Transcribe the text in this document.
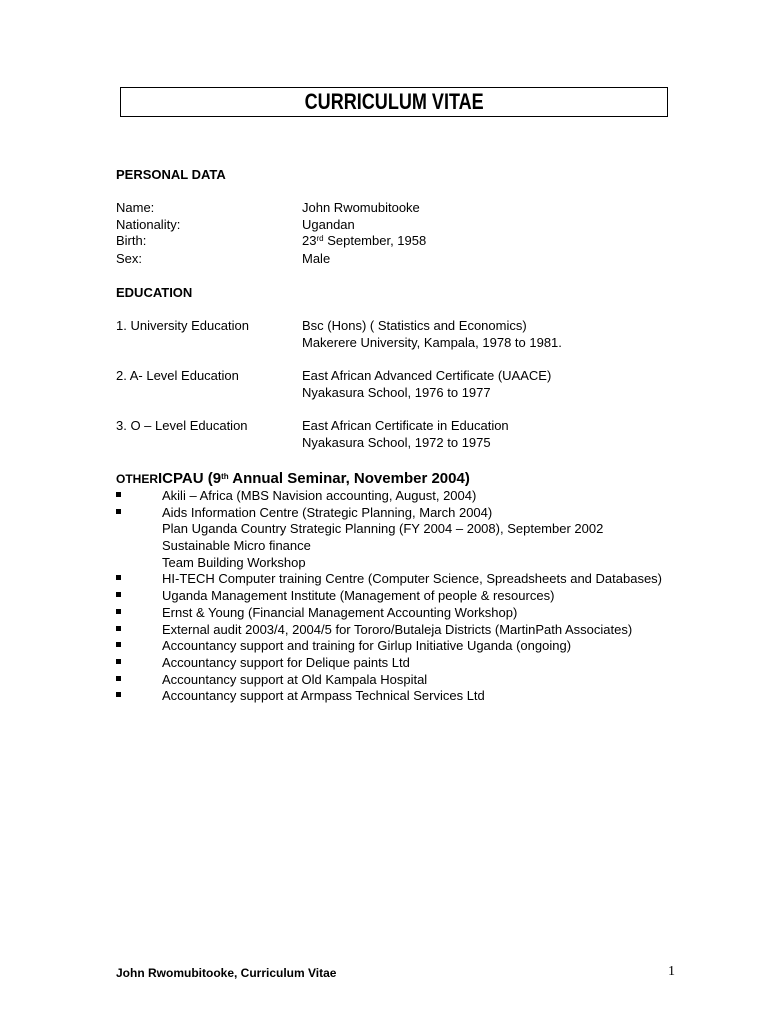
CURRICULUM VITAE
PERSONAL DATA
Name:	John Rwomubitooke
Nationality:	Ugandan
Birth:	23rd September, 1958
Sex:	Male
EDUCATION
1. University Education	Bsc (Hons) ( Statistics and Economics)
Makerere University, Kampala, 1978 to 1981.
2. A- Level Education	East African Advanced Certificate (UAACE)
Nyakasura School, 1976 to 1977
3. O – Level Education	East African Certificate in Education
Nyakasura School, 1972 to 1975
OTHERICPAU (9th Annual Seminar, November 2004)
Akili – Africa (MBS Navision accounting, August, 2004)
Aids Information Centre (Strategic Planning, March 2004)
Plan Uganda Country Strategic Planning (FY 2004 – 2008), September 2002
Sustainable Micro finance
Team Building Workshop
HI-TECH Computer training Centre (Computer Science, Spreadsheets and Databases)
Uganda Management Institute (Management of people & resources)
Ernst & Young (Financial Management Accounting Workshop)
External audit 2003/4, 2004/5 for Tororo/Butaleja Districts (MartinPath Associates)
Accountancy support and training for Girlup Initiative Uganda (ongoing)
Accountancy support for Delique paints Ltd
Accountancy support at Old Kampala Hospital
Accountancy support at Armpass Technical Services Ltd
John Rwomubitooke, Curriculum Vitae	1
